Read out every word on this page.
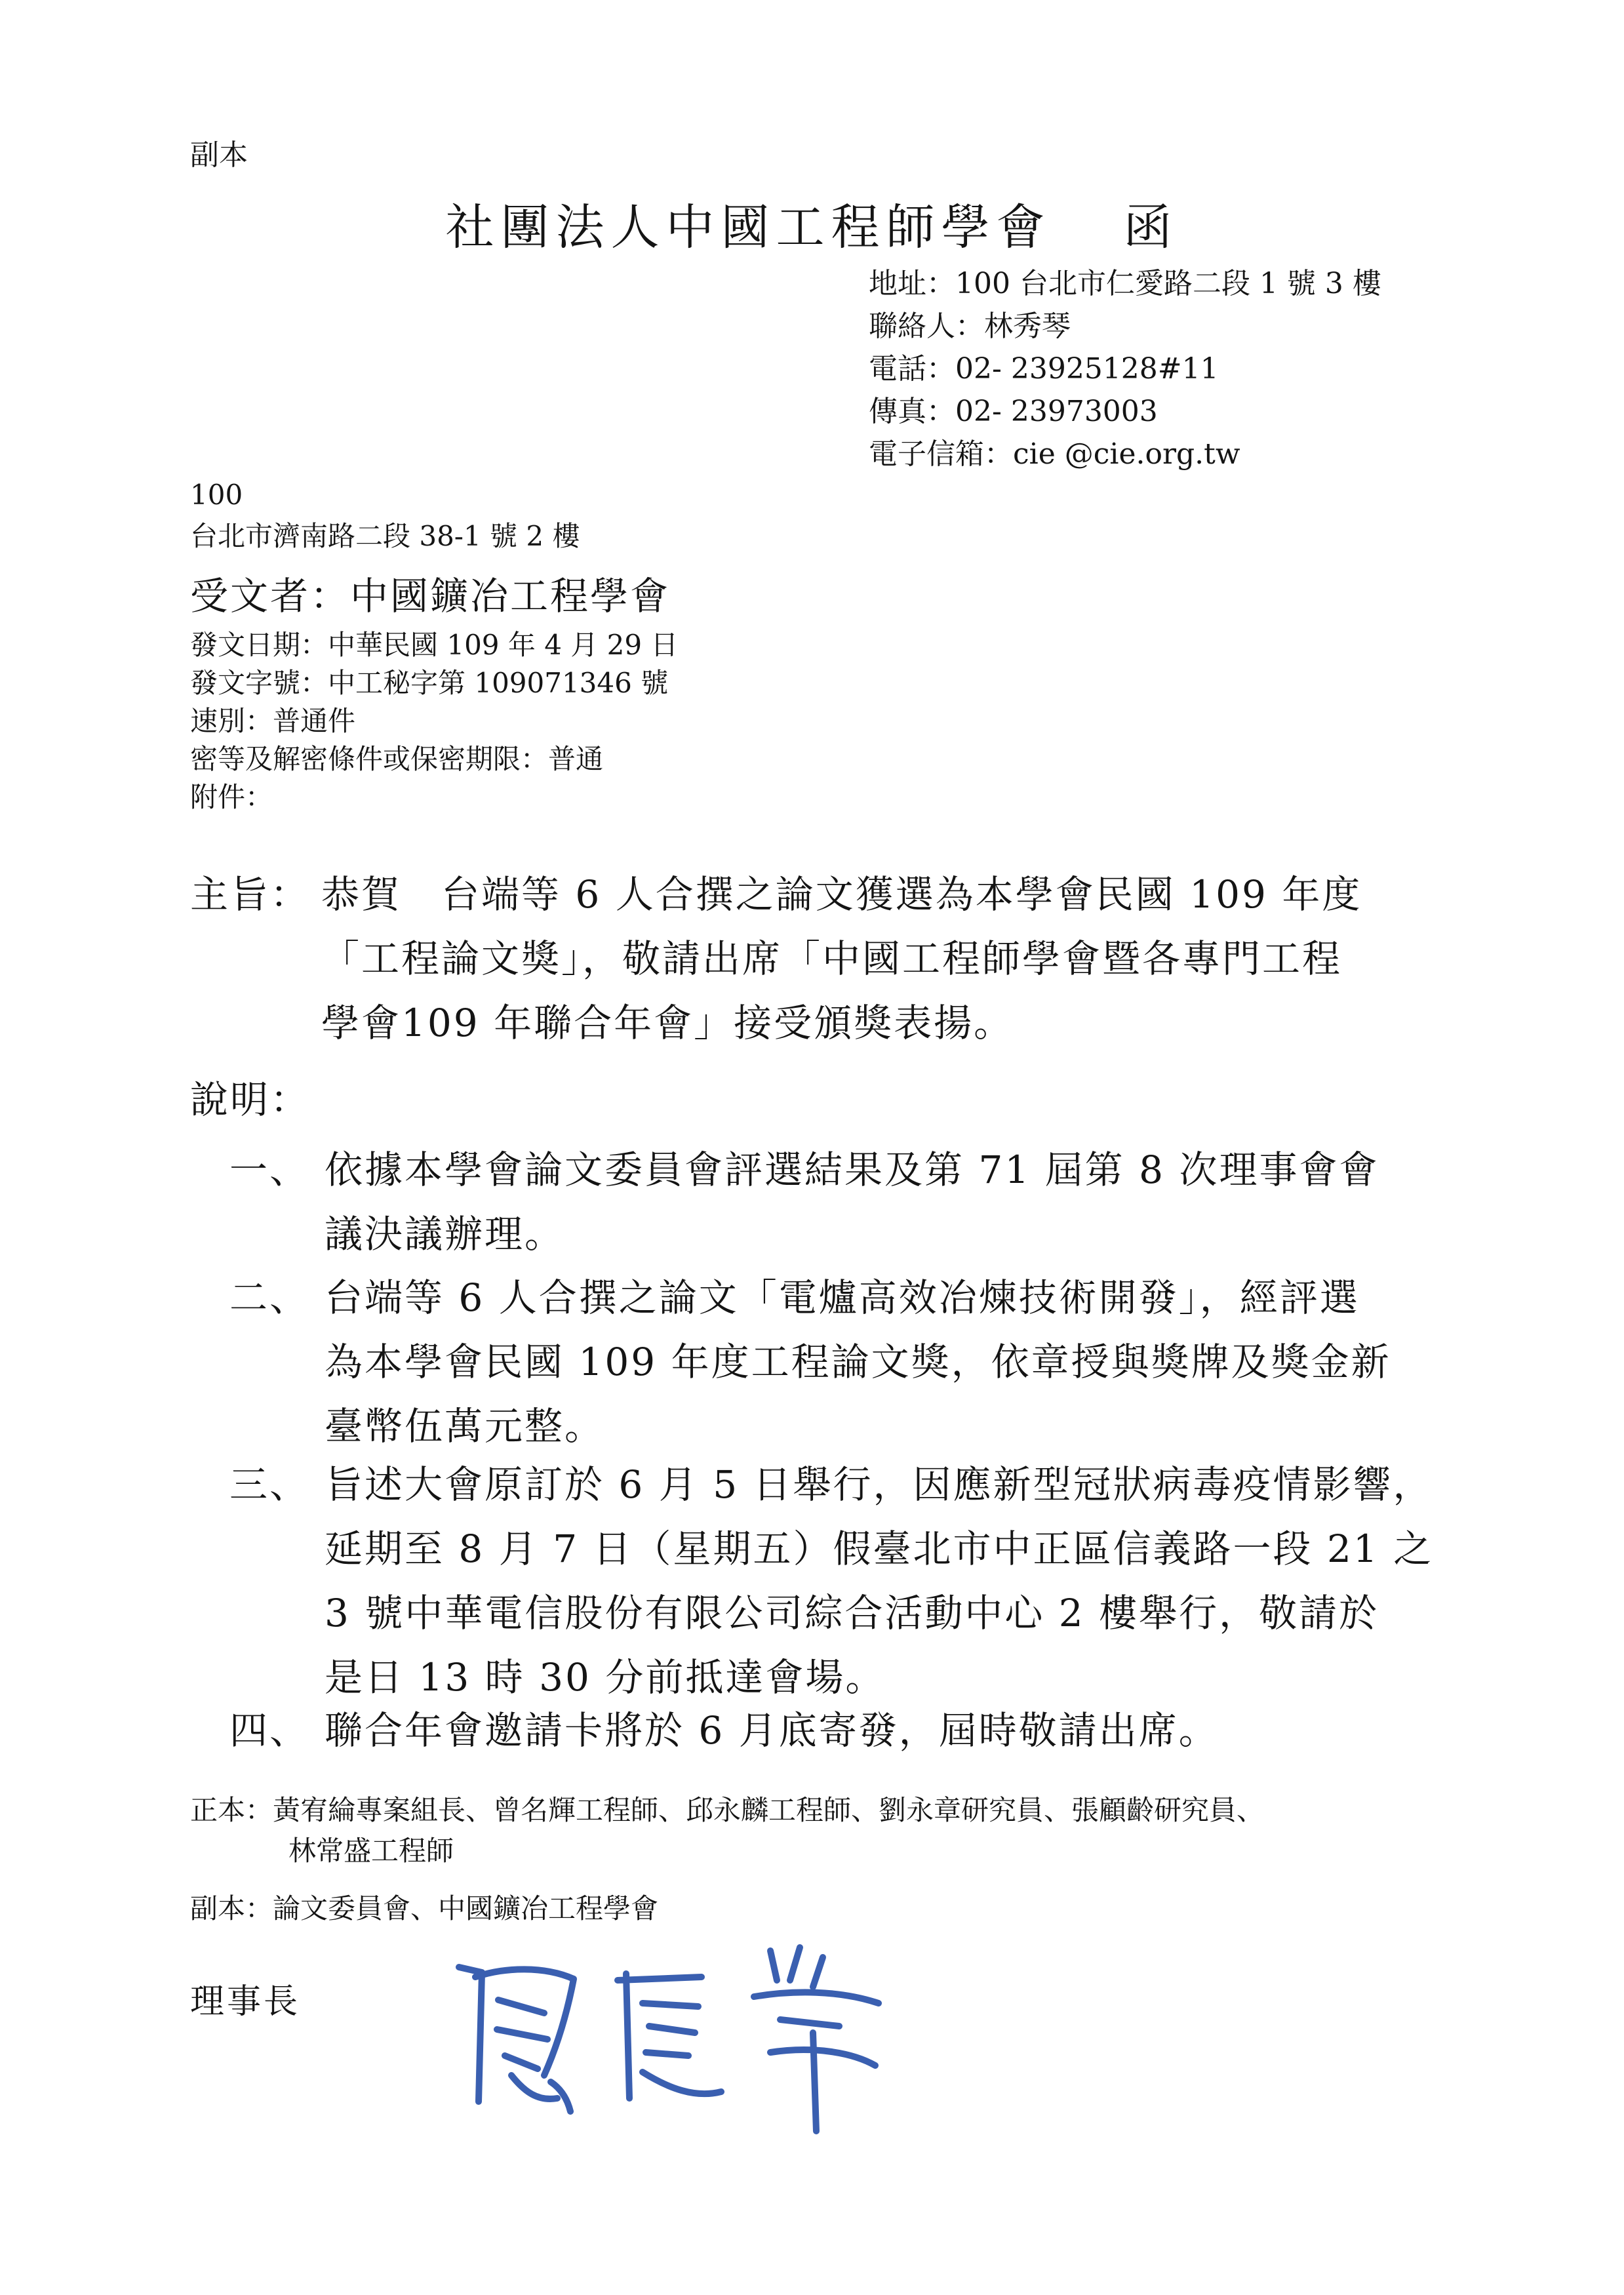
副本
社團法人中國工程師學會 函
地址：100 台北市仁愛路二段 1 號 3 樓
聯絡人：林秀琴
電話：02- 23925128#11
傳真：02- 23973003
電子信箱：cie @cie.org.tw
100
台北市濟南路二段 38-1 號 2 樓
受文者：中國鑛冶工程學會
發文日期：中華民國 109 年 4 月 29 日
發文字號：中工秘字第 109071346 號
速別：普通件
密等及解密條件或保密期限：普通
附件：
主旨： 恭賀　台端等 6 人合撰之論文獲選為本學會民國 109 年度
「工程論文獎」，敬請出席「中國工程師學會暨各專門工程
學會109 年聯合年會」接受頒獎表揚。
說明：
一、 依據本學會論文委員會評選結果及第 71 屆第 8 次理事會會
議決議辦理。
二、 台端等 6 人合撰之論文「電爐高效冶煉技術開發」，經評選
為本學會民國 109 年度工程論文獎，依章授與獎牌及獎金新
臺幣伍萬元整。
三、 旨述大會原訂於 6 月 5 日舉行，因應新型冠狀病毒疫情影響，
延期至 8 月 7 日（星期五）假臺北市中正區信義路一段 21 之
3 號中華電信股份有限公司綜合活動中心 2 樓舉行，敬請於
是日 13 時 30 分前抵達會場。
四、 聯合年會邀請卡將於 6 月底寄發，屆時敬請出席。
正本：黃宥綸專案組長、曾名輝工程師、邱永麟工程師、劉永章研究員、張顧齡研究員、
林常盛工程師
副本：論文委員會、中國鑛冶工程學會
理事長
